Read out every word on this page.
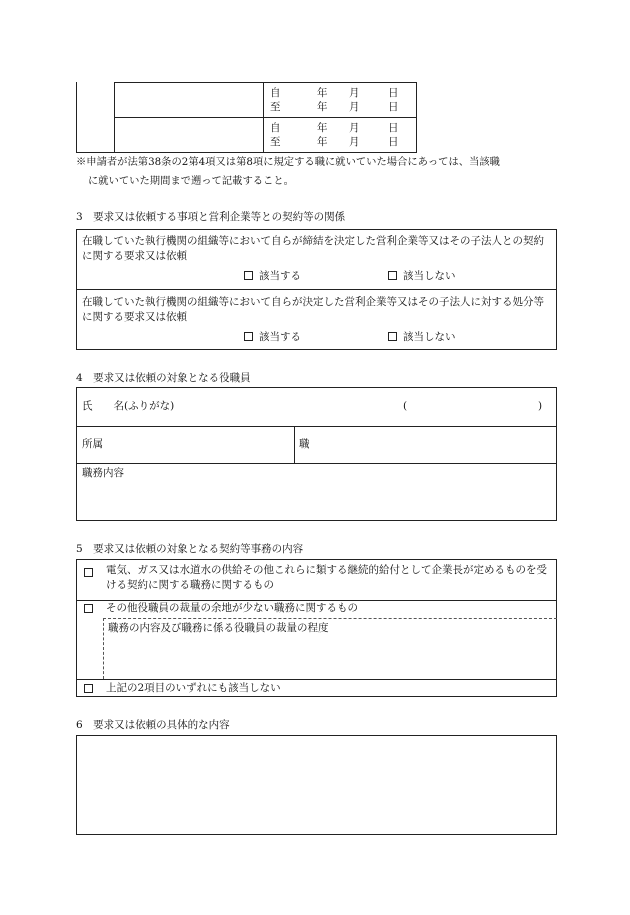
自	年 月	日
至	年 月	日
自	年 月	日
至	年 月	日
※申請者が法第38条の2第4項又は第8項に規定する職に就いていた場合にあっては、当該職
に就いていた期間まで遡って記載すること。
3　要求又は依頼する事項と営利企業等との契約等の関係
在職していた執行機関の組織等において自らが締結を決定した営利企業等又はその子法人との契約に関する要求又は依頼
該当する	該当しない
在職していた執行機関の組織等において自らが決定した営利企業等又はその子法人に対する処分等に関する要求又は依頼
該当する	該当しない
4　要求又は依頼の対象となる役職員
氏　　名(ふりがな)	(	)
所属	職
職務内容
5　要求又は依頼の対象となる契約等事務の内容
電気、ガス又は水道水の供給その他これらに類する継続的給付として企業長が定めるものを受ける契約に関する職務に関するもの
その他役職員の裁量の余地が少ない職務に関するもの
職務の内容及び職務に係る役職員の裁量の程度
上記の2項目のいずれにも該当しない
6　要求又は依頼の具体的な内容
